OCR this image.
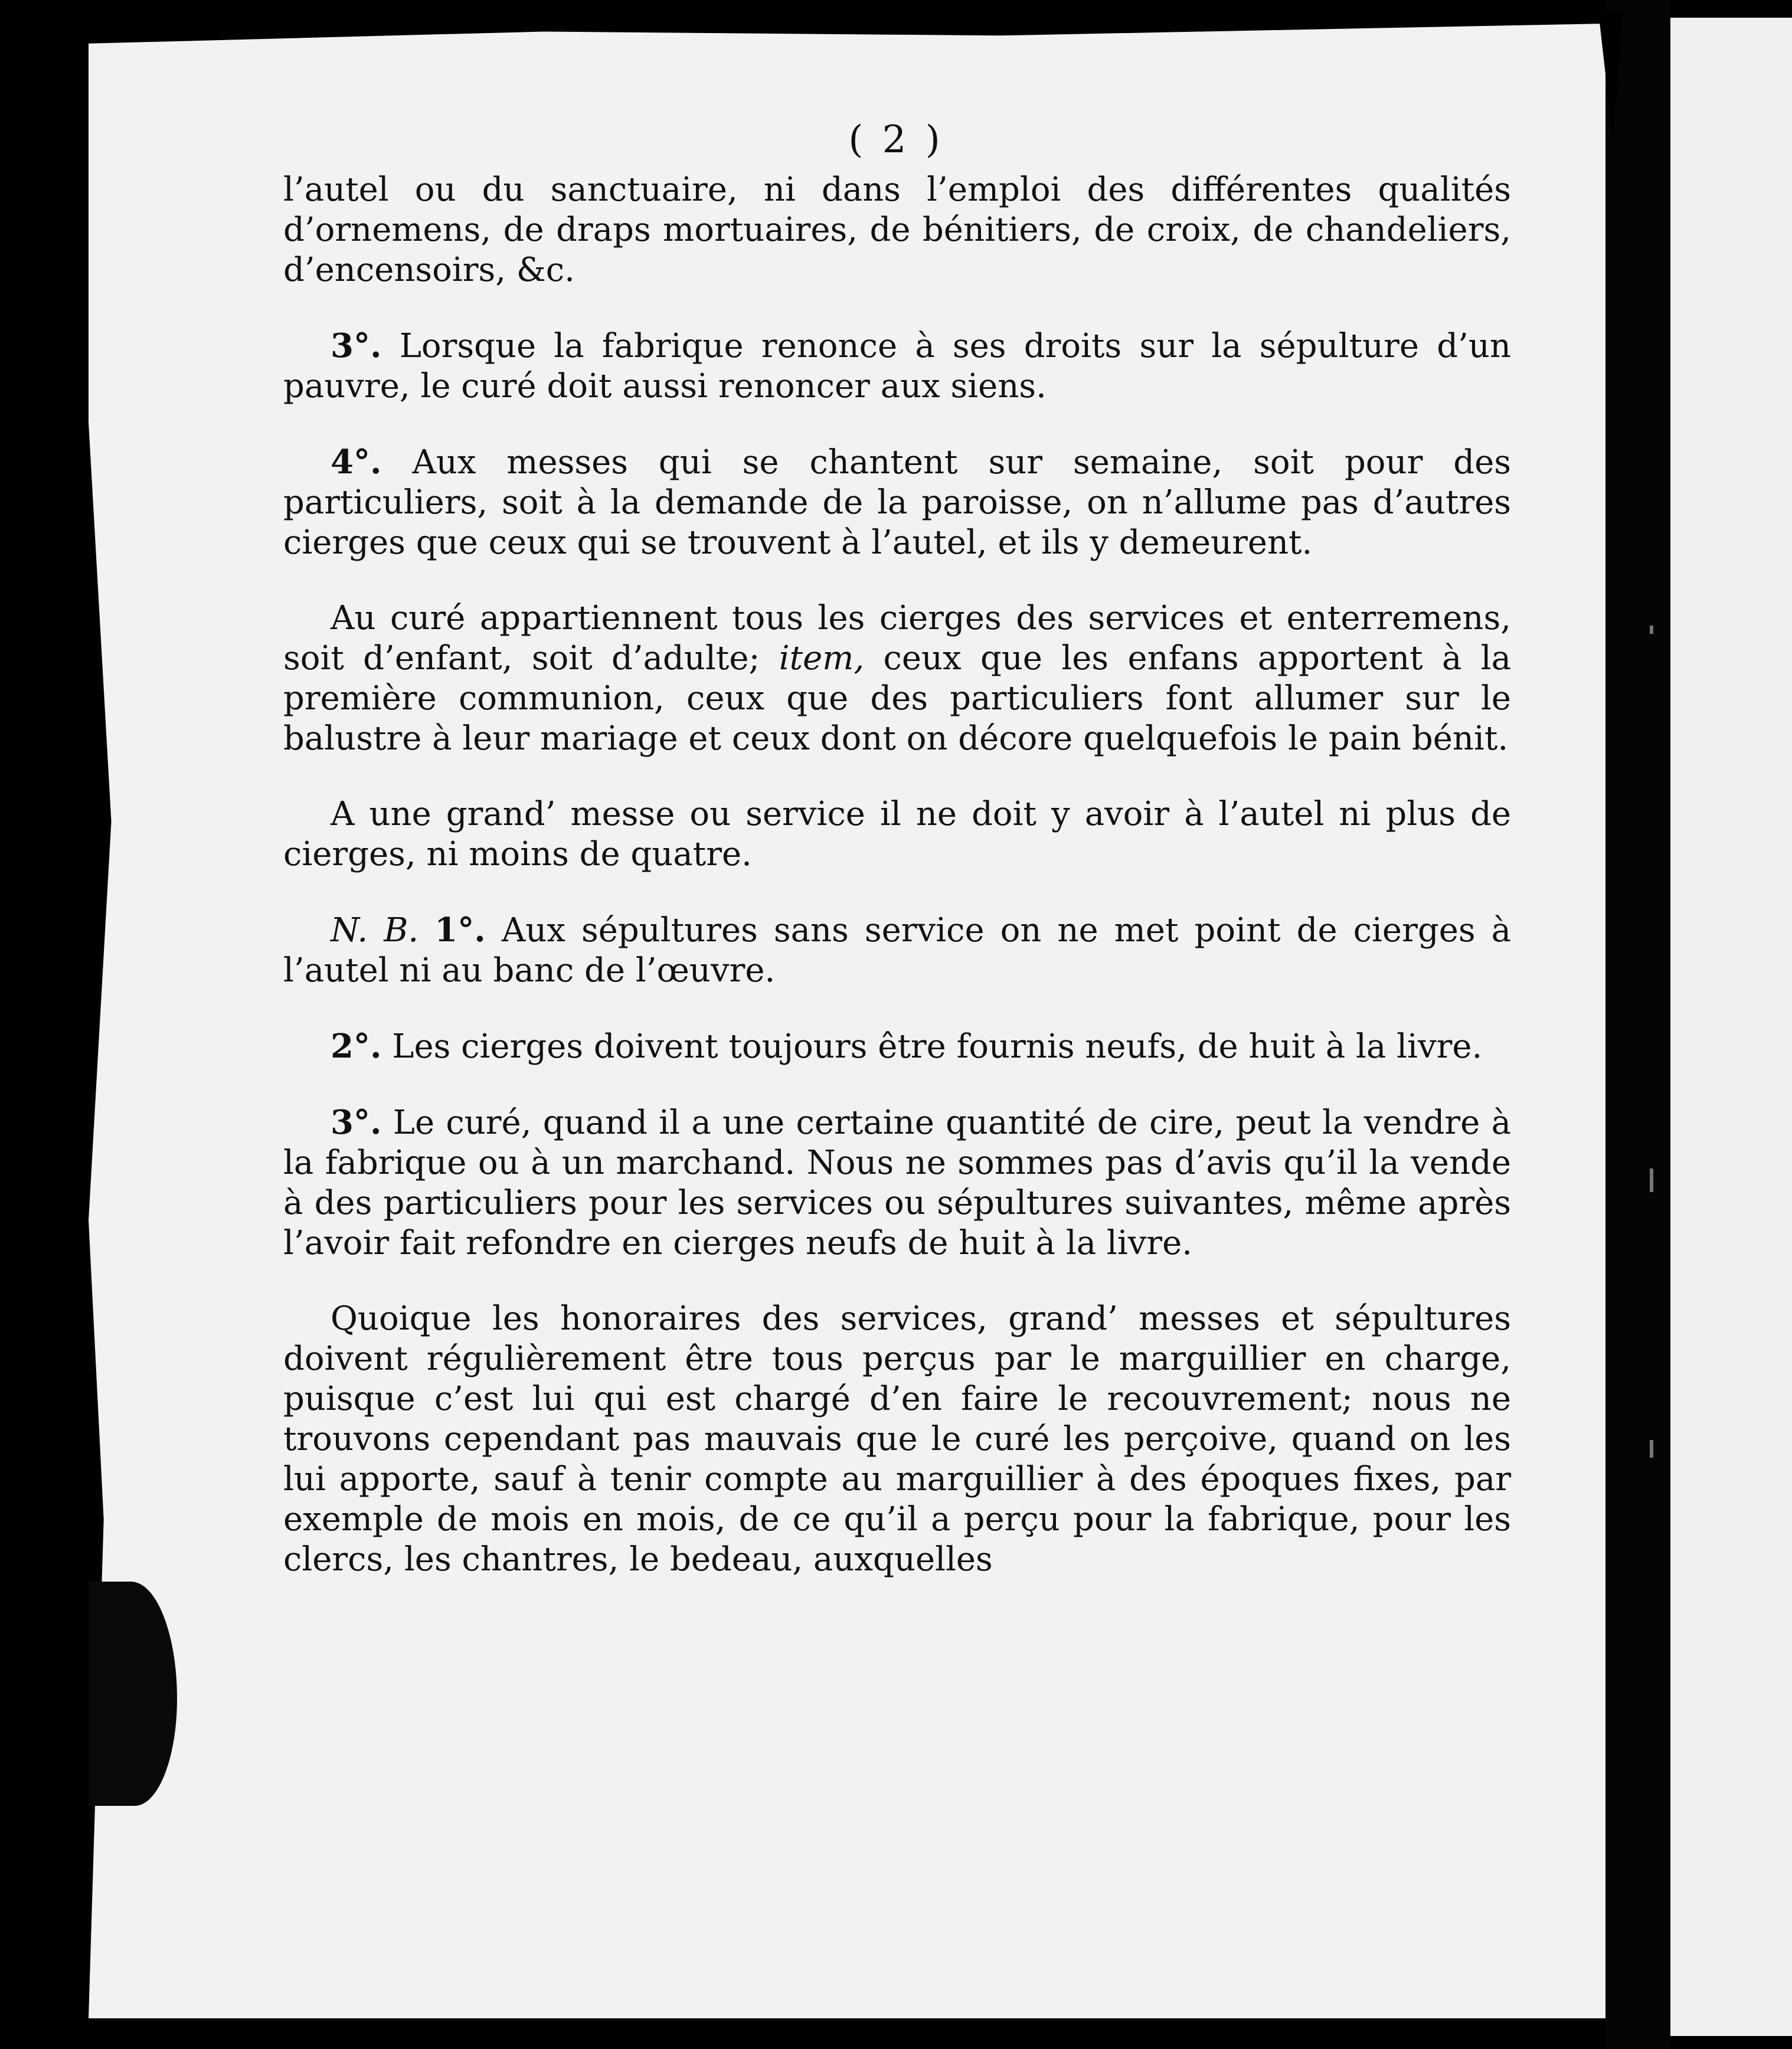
( 2 )

l’autel ou du sanctuaire, ni dans l’emploi des différentes qualités d’ornemens, de draps mortuaires, de bénitiers, de croix, de chandeliers, d’encensoirs, &c.

3°. Lorsque la fabrique renonce à ses droits sur la sépulture d’un pauvre, le curé doit aussi renoncer aux siens.

4°. Aux messes qui se chantent sur semaine, soit pour des particuliers, soit à la demande de la paroisse, on n’allume pas d’autres cierges que ceux qui se trouvent à l’autel, et ils y demeurent.

Au curé appartiennent tous les cierges des services et enterremens, soit d’enfant, soit d’adulte; item, ceux que les enfans apportent à la première communion, ceux que des particuliers font allumer sur le balustre à leur mariage et ceux dont on décore quelquefois le pain bénit.

A une grand’ messe ou service il ne doit y avoir à l’autel ni plus de cierges, ni moins de quatre.

N. B. 1°. Aux sépultures sans service on ne met point de cierges à l’autel ni au banc de l’œuvre.

2°. Les cierges doivent toujours être fournis neufs, de huit à la livre.

3°. Le curé, quand il a une certaine quantité de cire, peut la vendre à la fabrique ou à un marchand. Nous ne sommes pas d’avis qu’il la vende à des particuliers pour les services ou sépultures suivantes, même après l’avoir fait refondre en cierges neufs de huit à la livre.

Quoique les honoraires des services, grand’ messes et sépultures doivent régulièrement être tous perçus par le marguillier en charge, puisque c’est lui qui est chargé d’en faire le recouvrement; nous ne trouvons cependant pas mauvais que le curé les perçoive, quand on les lui apporte, sauf à tenir compte au marguillier à des époques fixes, par exemple de mois en mois, de ce qu’il a perçu pour la fabrique, pour les clercs, les chantres, le bedeau, auxquelles
